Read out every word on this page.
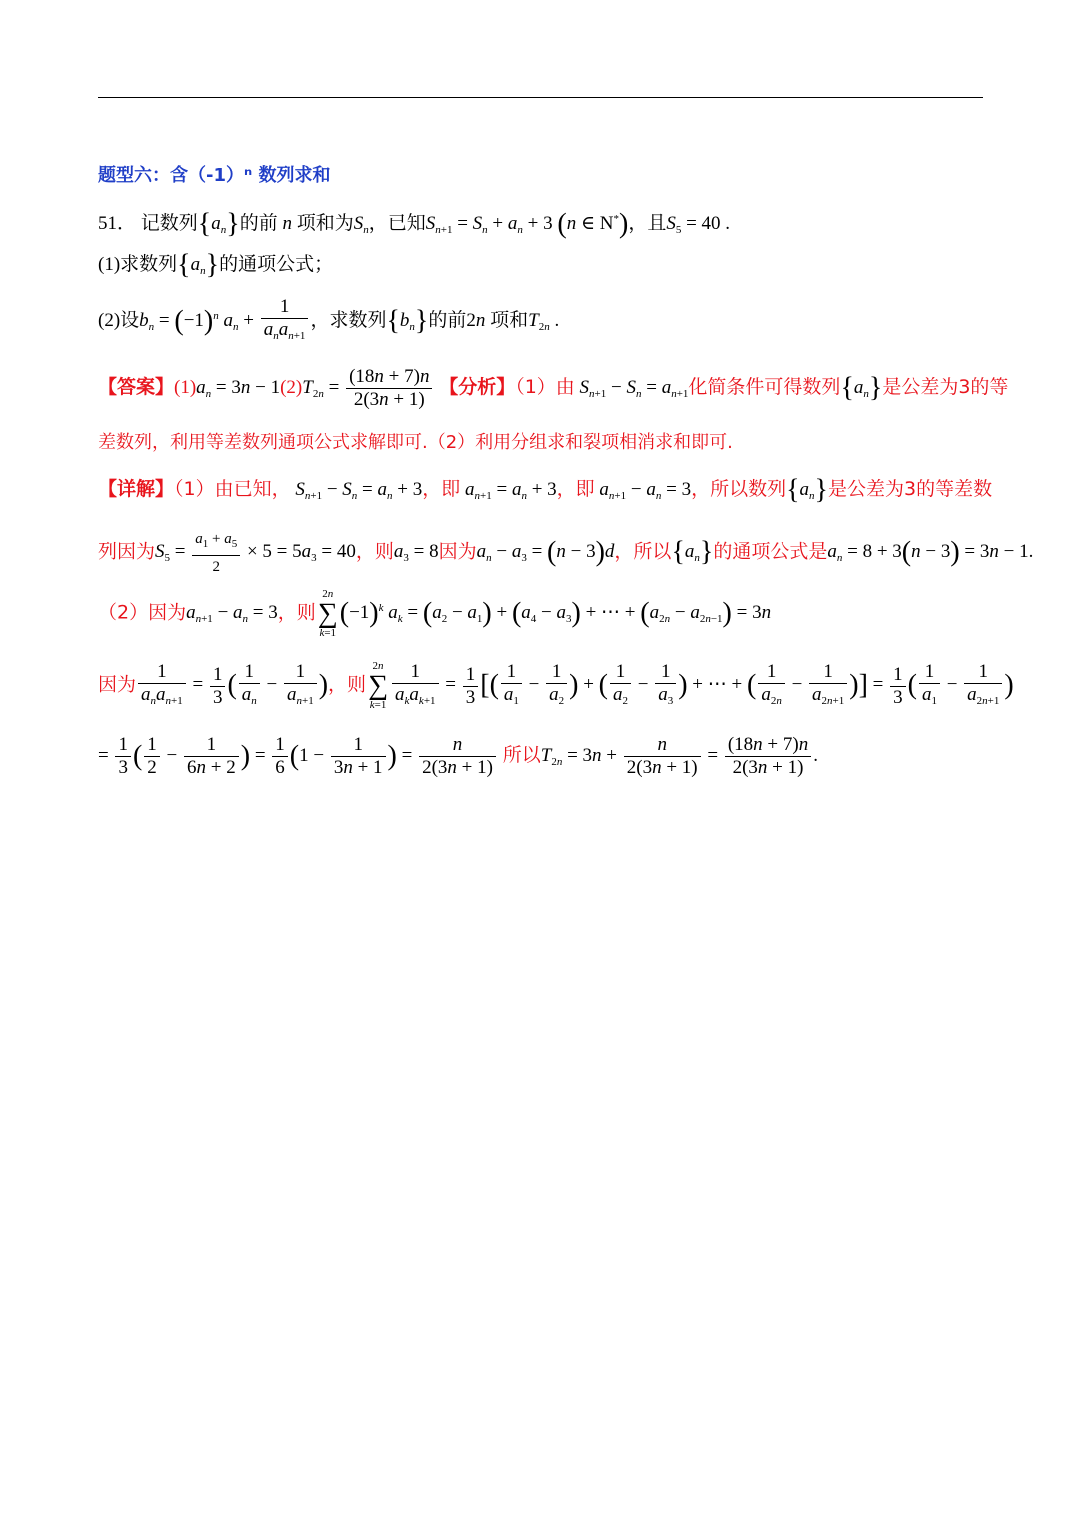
题型六：含（-1）ⁿ 数列求和
51． 记数列$\{a_n\}$的前 n 项和为$S_n$，已知$S_{n+1} = S_n + a_n + 3$ (n ∈ N*)，且$S_5 = 40$ .
(1)求数列$\{a_n\}$的通项公式；
(2)设$b_n = (-1)^n$ $a_n + \frac{1}{a_na_{n+1}}$ ，求数列$\{b_n\}$的前2n 项和$T_{2n}$ .
【答案】$(1)a_n = 3n - 1(2)T_{2n} = \frac{(18n + 7)n}{2(3n + 1)}$ 【分析】（1）由 $S_{n+1} - S_n = a_{n+1}$化简条件可得数列$\{a_n\}$是公差为3的等
差数列，利用等差数列通项公式求解即可.（2）利用分组求和裂项相消求和即可.
【详解】（1）由已知， $S_{n+1} - S_n = a_n + 3$，即 $a_{n+1} = a_n + 3$，即 $a_{n+1} - a_n = 3$，所以数列$\{a_n\}$是公差为3的等差数
列因为$S_5 = \frac{a_1 + a_5}{2} \times 5 = 5a_3 = 40$，则$a_3 = 8$因为$a_n - a_3 = (n - 3)d$，所以$\{a_n\}$的通项公式是$a_n = 8 + 3(n - 3) = 3n - 1$.
（2）因为$a_{n+1} - a_n = 3$，则
2n
∑
k=1
$(-1)^k$ $a_k = (a_2 - a_1) + (a_4 - a_3)$ + ⋯ + $(a_{2n} - a_{2n-1}) = 3n$
因为 $\frac{1}{a_na_{n+1}} = \frac{1}{3}$ ( $\frac{1}{a_n} - \frac{1}{a_{n+1}}$ )，则
2n
∑
$k=1 \frac{1}{a_ka_{k+1}} = \frac{1}{3}$ [( $\frac{1}{a_1} - \frac{1}{a_2}$ ) + ( $\frac{1}{a_2} - \frac{1}{a_3}$ ) + ⋯ + ( $\frac{1}{a_{2n}} - \frac{1}{a_{2n+1}}$ )] = $\frac{1}{3}$ ( $\frac{1}{a_1} - \frac{1}{a_{2n+1}}$ )
= $\frac{1}{3}$ ( $\frac{1}{2} - \frac{1}{6n + 2}$ ) = $\frac{1}{6} (1 - \frac{1}{3n + 1}$ ) = $\frac{n}{2(3n + 1)}$ 所以$T_{2n} = 3n + \frac{n}{2(3n + 1)} = \frac{(18n + 7)n}{2(3n + 1)}$ .
